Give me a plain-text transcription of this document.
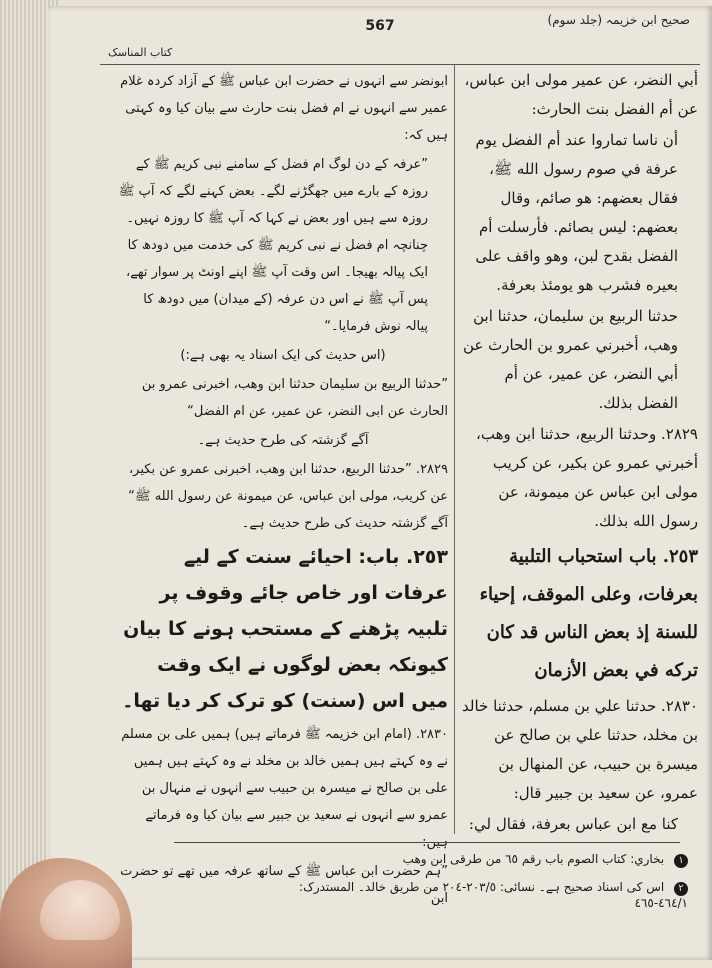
صحیح ابن خزیمہ (جلد سوم)
567
کتاب المناسک

أبي النضر، عن عمير مولى ابن عباس، عن أم الفضل بنت الحارث:

أن ناسا تماروا عند أم الفضل يوم عرفة في صوم رسول الله ﷺ، فقال بعضهم: هو صائم، وقال بعضهم: ليس بصائم. فأرسلت أم الفضل بقدح لبن، وهو واقف على بعيره فشرب هو يومئذ بعرفة.

حدثنا الربيع بن سليمان، حدثنا ابن وهب، أخبرني عمرو بن الحارث عن أبي النضر، عن عمير، عن أم الفضل بذلك.

٢٨٢٩. وحدثنا الربيع، حدثنا ابن وهب، أخبرني عمرو عن بكير، عن كريب مولى ابن عباس عن ميمونة، عن رسول الله بذلك.

٢٥٣. باب استحباب التلبية بعرفات، وعلى الموقف، إحياء للسنة إذ بعض الناس قد كان تركه في بعض الأزمان

٢٨٣٠. حدثنا علي بن مسلم، حدثنا خالد بن مخلد، حدثنا علي بن صالح عن ميسرة بن حبيب، عن المنهال بن عمرو، عن سعيد بن جبير قال:

كنا مع ابن عباس بعرفة، فقال لي:

ابونضر سے انہوں نے حضرت ابن عباس ﷺ کے آزاد کردہ غلام عمیر سے انہوں نے ام فضل بنت حارث سے بیان کیا وہ کہتی ہیں کہ:

”عرفہ کے دن لوگ ام فضل کے سامنے نبی کریم ﷺ کے روزہ کے بارے میں جھگڑنے لگے۔ بعض کہنے لگے کہ آپ ﷺ روزہ سے ہیں اور بعض نے کہا کہ آپ ﷺ کا روزہ نہیں۔ چنانچہ ام فضل نے نبی کریم ﷺ کی خدمت میں دودھ کا ایک پیالہ بھیجا۔ اس وقت آپ ﷺ اپنے اونٹ پر سوار تھے، پس آپ ﷺ نے اس دن عرفہ (کے میدان) میں دودھ کا پیالہ نوش فرمایا۔“

(اس حدیث کی ایک اسناد یہ بھی ہے:)

”حدثنا الربیع بن سلیمان حدثنا ابن وهب، اخبرنی عمرو بن الحارث عن ابی النضر، عن عمیر، عن ام الفضل“

آگے گزشتہ کی طرح حدیث ہے۔

٢٨٢٩. ”حدثنا الربيع، حدثنا ابن وهب، اخبرنی عمرو عن بكير، عن كريب، مولى ابن عباس، عن ميمونة عن رسول الله ﷺ“ آگے گزشتہ حدیث کی طرح حدیث ہے۔

٢٥٣. باب: احیائے سنت کے لیے عرفات اور خاص جائے وقوف پر تلبیہ پڑھنے کے مستحب ہونے کا بیان کیونکہ بعض لوگوں نے ایک وقت میں اس (سنت) کو ترک کر دیا تھا۔

٢٨٣٠. (امام ابن خزیمہ ﷺ فرماتے ہیں) ہمیں علی بن مسلم نے وہ کہتے ہیں ہمیں خالد بن مخلد نے وہ کہتے ہیں ہمیں علی بن صالح نے میسرہ بن حبیب سے انہوں نے منہال بن عمرو سے انہوں نے سعید بن جبیر سے بیان کیا وہ فرماتے ہیں:

”ہم حضرت ابن عباس ﷺ کے ساتھ عرفہ میں تھے تو حضرت ابن

١ بخاري: كتاب الصوم باب رقم ٦٥ من طرقى ابن وهب
٢ اس کی اسناد صحیح ہے۔ نسائی: ٢٠٣/٥-٢٠٤ من طريق خالد۔ المستدرک: ٤٦٤/١-٤٦٥
